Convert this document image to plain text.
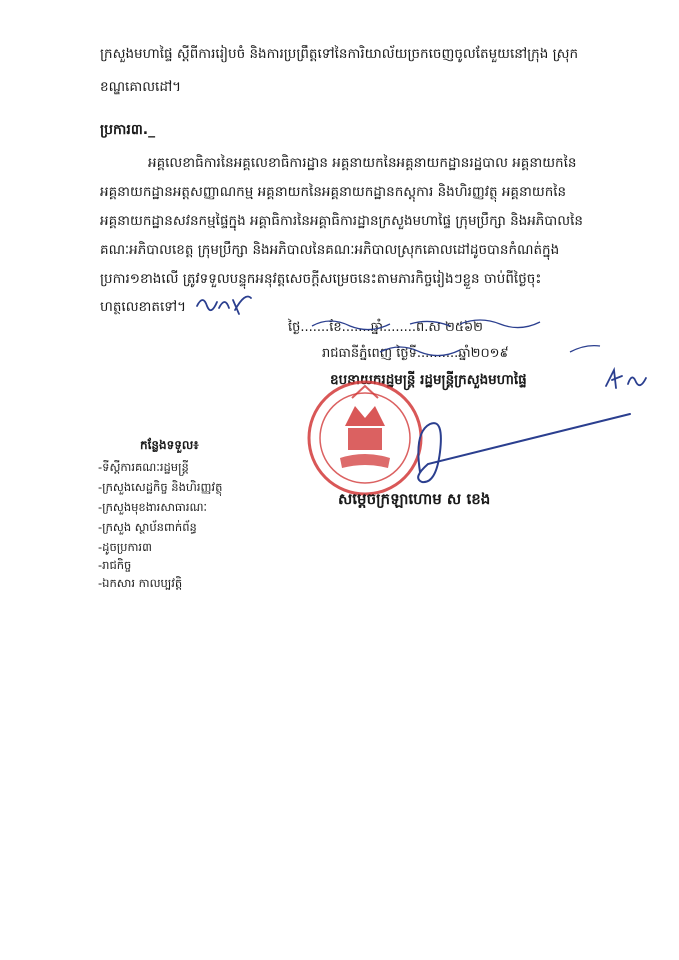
ក្រសួងមហាផ្ទៃ ស្តីពីការរៀបចំ និងការប្រព្រឹត្តទៅនៃការិយាល័យច្រកចេញចូលតែមួយនៅក្រុង ស្រុក
ខណ្ឌគោលដៅ។
ប្រការ៣._
អគ្គលេខាធិការនៃអគ្គលេខាធិការដ្ឋាន អគ្គនាយកនៃអគ្គនាយកដ្ឋានរដ្ឋបាល អគ្គនាយកនៃ
អគ្គនាយកដ្ឋានអត្តសញ្ញាណកម្ម អគ្គនាយកនៃអគ្គនាយកដ្ឋានកស្ដុការ និងហិរញ្ញវត្ថុ អគ្គនាយកនៃ
អគ្គនាយកដ្ឋានសវនកម្មផ្ទៃក្នុង អគ្គាធិការនៃអគ្គាធិការដ្ឋានក្រសួងមហាផ្ទៃ ក្រុមប្រឹក្សា និងអភិបាលនៃ
គណៈអភិបាលខេត្ត ក្រុមប្រឹក្សា និងអភិបាលនៃគណៈអភិបាលស្រុកគោលដៅដូចបានកំណត់ក្នុង
ប្រការ១ខាងលើ ត្រូវទទួលបន្ទុកអនុវត្តសេចក្តីសម្រេចនេះតាមភារកិច្ចរៀងៗខ្លួន ចាប់ពីថ្ងៃចុះ
ហត្ថលេខាតទៅ។
ថ្ងៃ.......ខែ.......ឆ្នាំ........ព.ស ២៥៦២
រាជធានីភ្នំពេញ ថ្ងៃទី..........ឆ្នាំ២០១៩
ឧបនាយករដ្ឋមន្ត្រី រដ្ឋមន្ត្រីក្រសួងមហាផ្ទៃ
សម្តេចក្រឡាហោម ស ខេង
កន្លែងទទួល៖
-ទីស្តីការគណៈរដ្ឋមន្ត្រី
-ក្រសួងសេដ្ឋកិច្ច និងហិរញ្ញវត្ថុ
-ក្រសួងមុខងារសាធារណៈ
-ក្រសួង ស្ថាប័នពាក់ព័ន្ធ
-ដូចប្រការ៣
-រាជកិច្ច
-ឯកសារ កាលប្បវត្តិ
